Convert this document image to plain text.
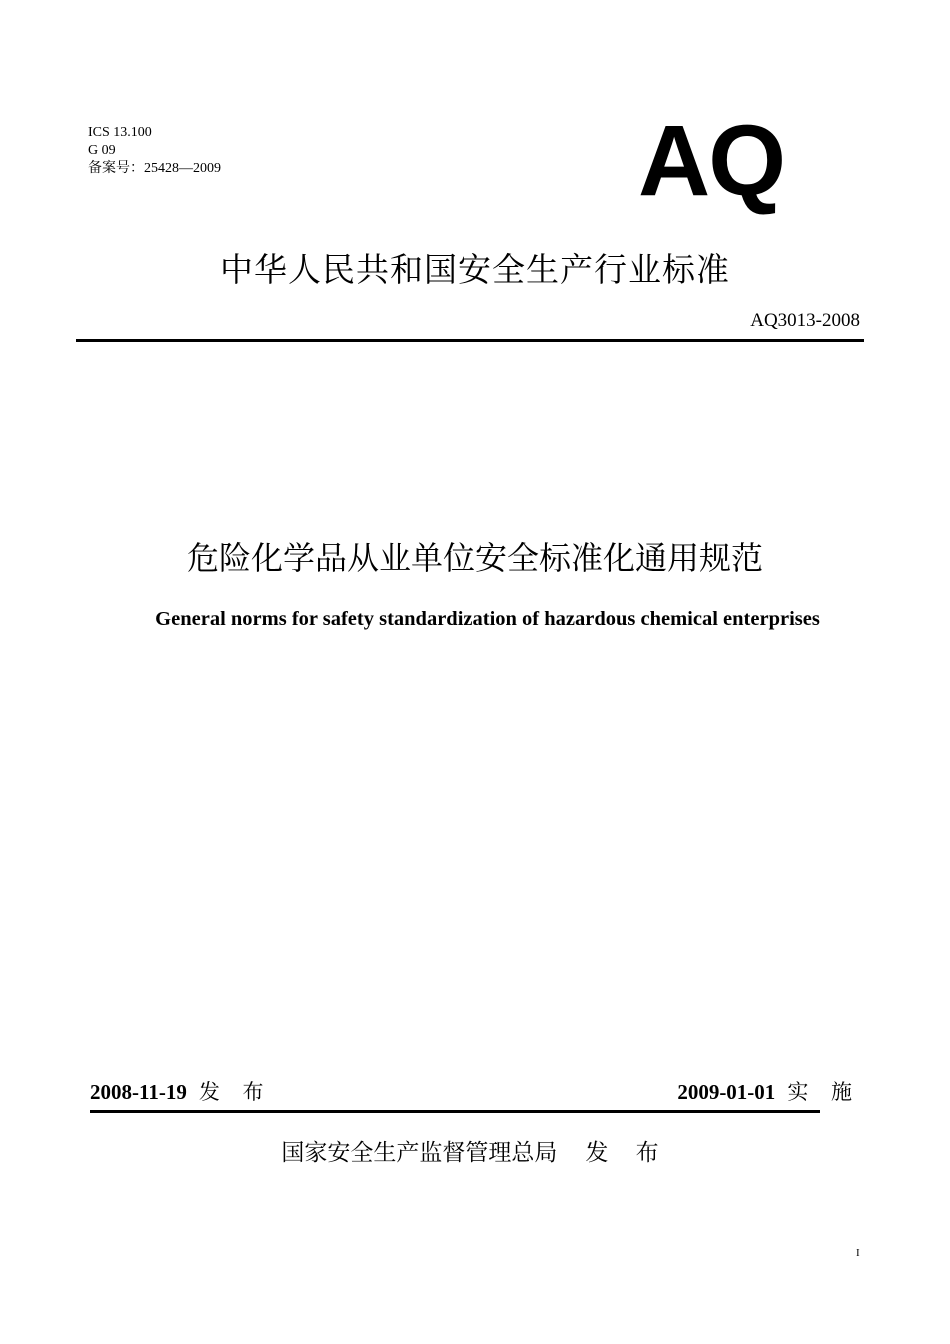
ICS 13.100
G 09
备案号：25428—2009	AQ
中华人民共和国安全生产行业标准
AQ3013-2008
危险化学品从业单位安全标准化通用规范
General norms for safety standardization of hazardous chemical enterprises
2008-11-19 发 布	2009-01-01 实 施
国家安全生产监督管理总局 发 布
I
